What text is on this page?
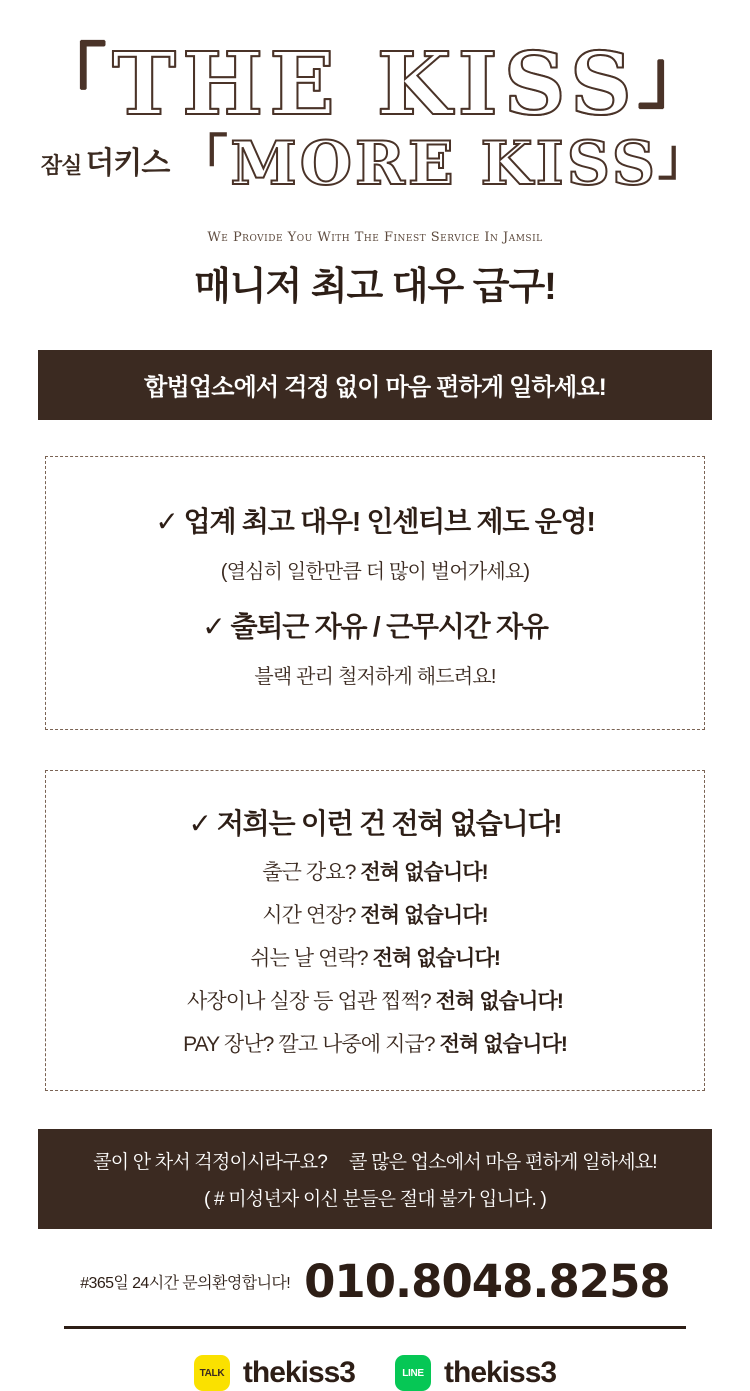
「THE KISS」
잠실 더키스 「MORE KISS」
We Provide You With The Finest Service In Jamsil
매니저 최고 대우 급구!
합법업소에서 걱정 없이 마음 편하게 일하세요!
✓ 업계 최고 대우! 인센티브 제도 운영!
(열심히 일한만큼 더 많이 벌어가세요)
✓ 출퇴근 자유 / 근무시간 자유
블랙 관리 철저하게 해드려요!
✓ 저희는 이런 건 전혀 없습니다!
출근 강요? 전혀 없습니다!
시간 연장? 전혀 없습니다!
쉬는 날 연락? 전혀 없습니다!
사장이나 실장 등 업관 찝쩍? 전혀 없습니다!
PAY 장난? 깔고 나중에 지급? 전혀 없습니다!
콜이 안 차서 걱정이시라구요? 콜 많은 업소에서 마음 편하게 일하세요!
( # 미성년자 이신 분들은 절대 불가 입니다. )
#365일 24시간 문의환영합니다! 010.8048.8258
TALK thekiss3	LINE thekiss3
